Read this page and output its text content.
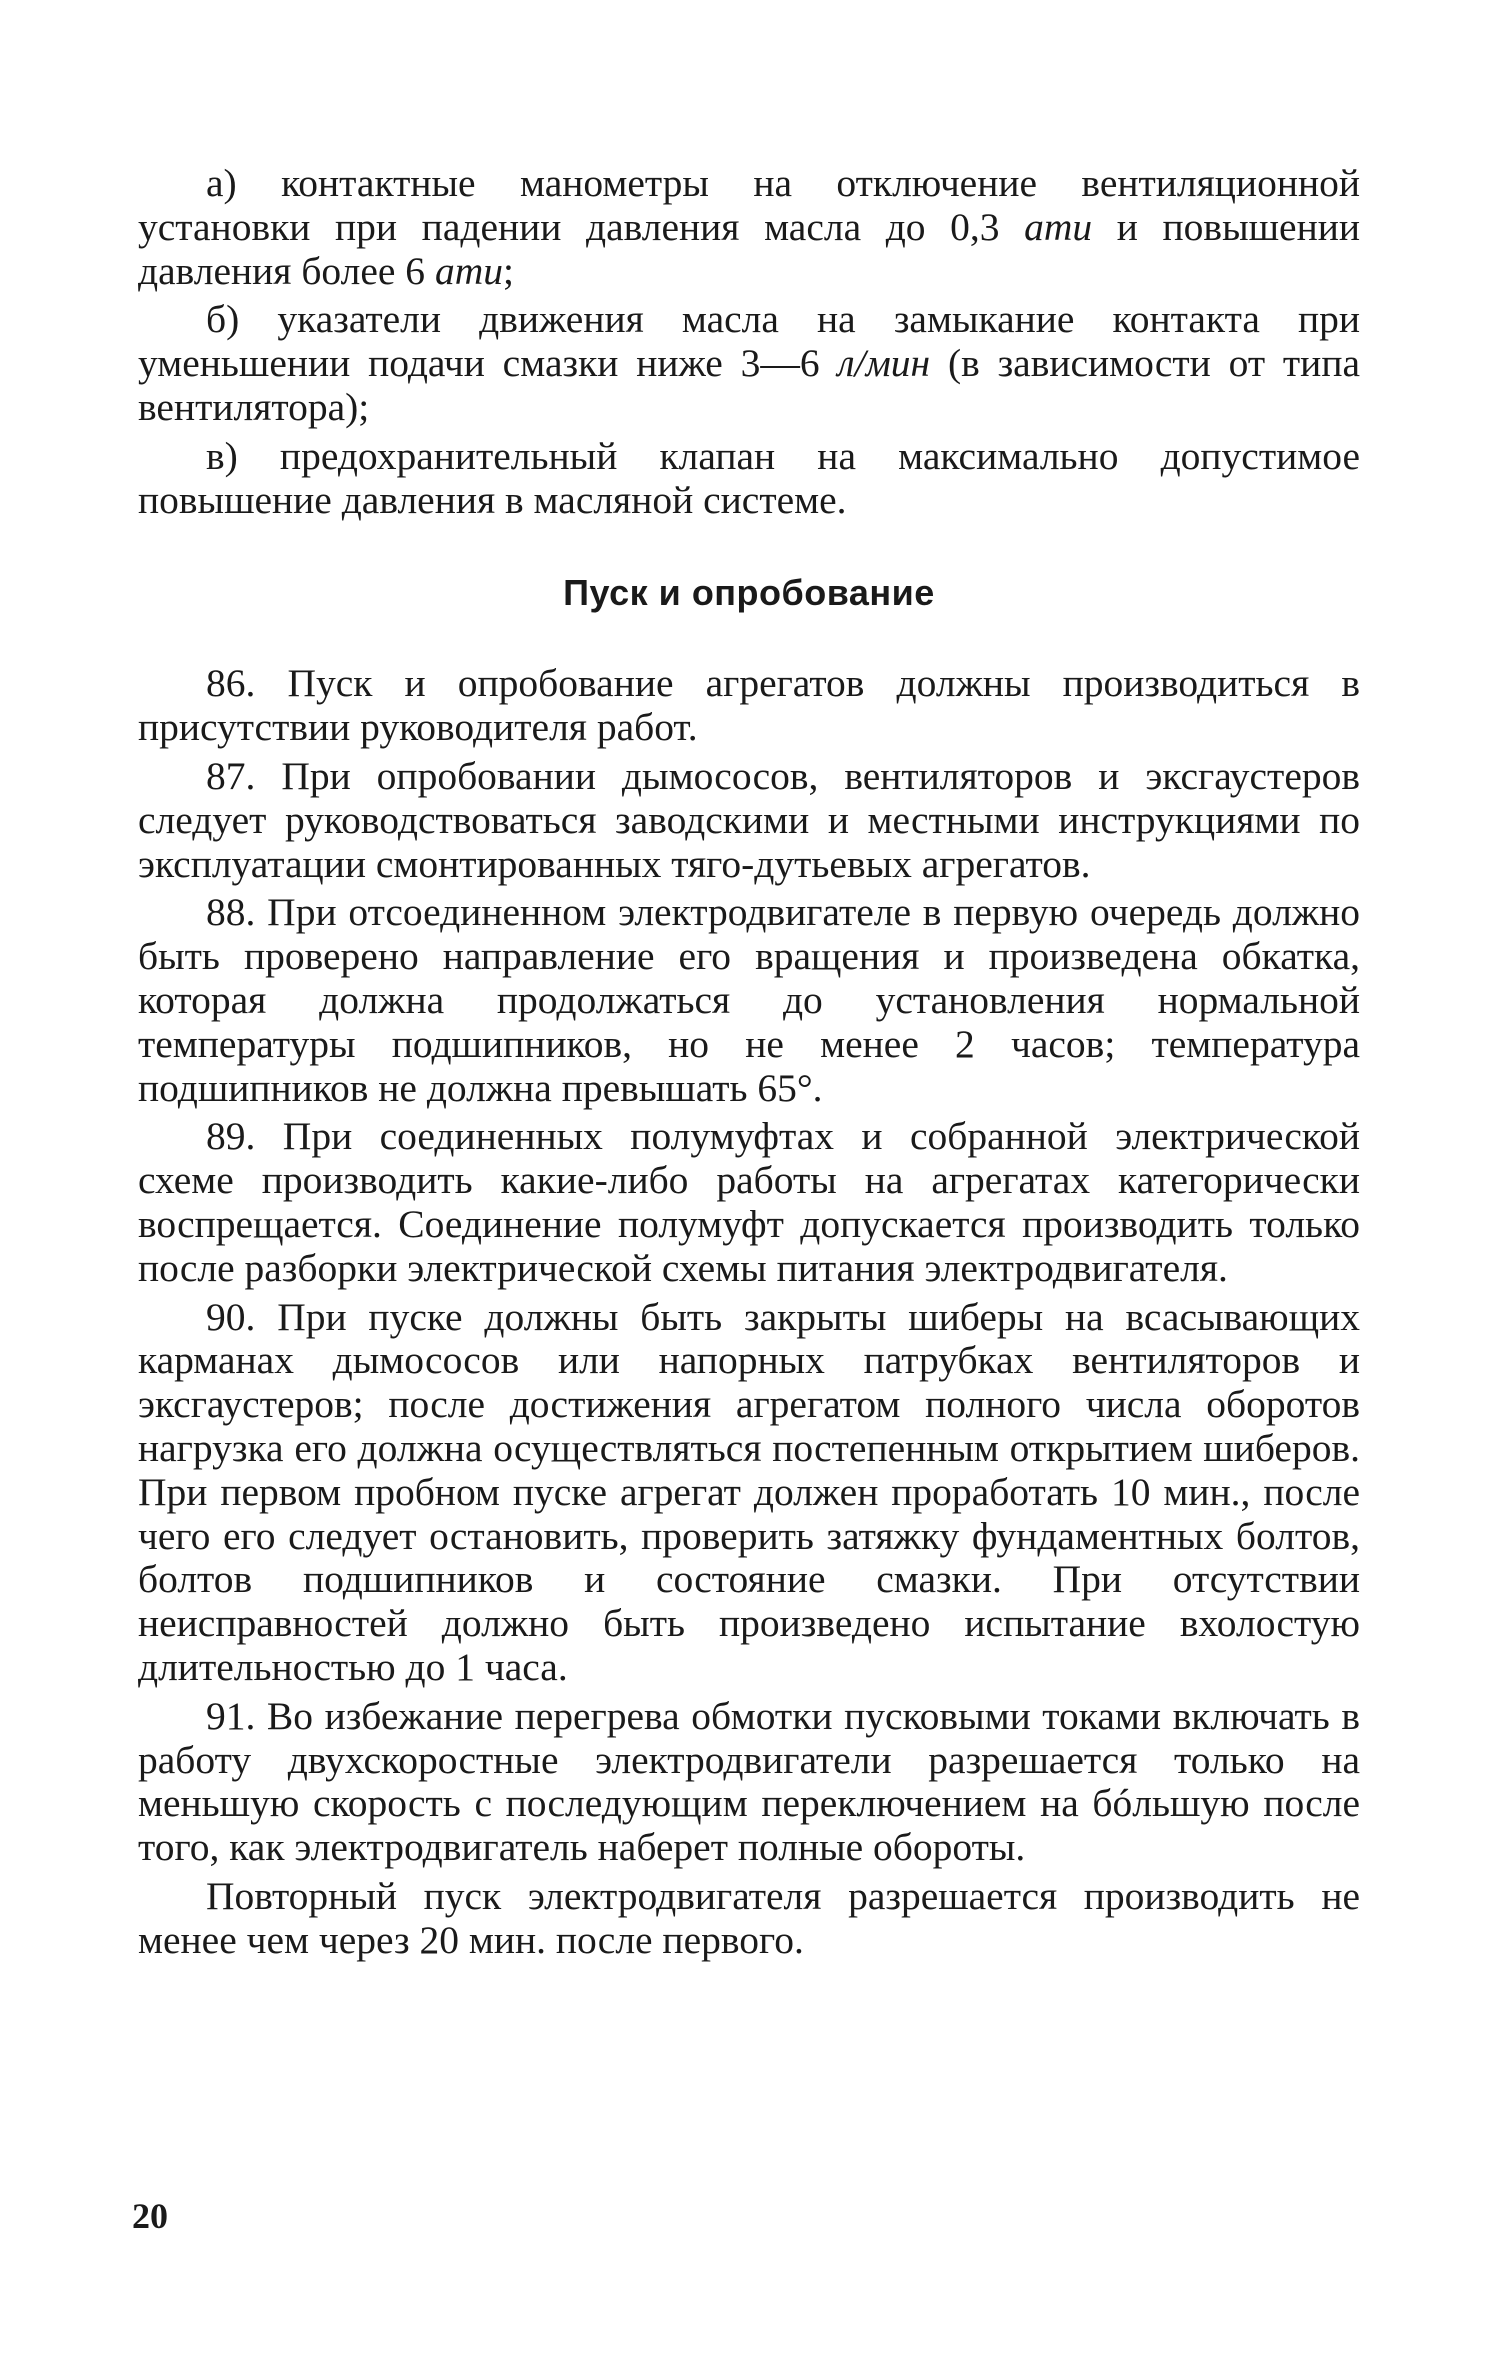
а) контактные манометры на отключение вентиляционной установки при падении давления масла до 0,3 ати и повышении давления более 6 ати;

б) указатели движения масла на замыкание контакта при уменьшении подачи смазки ниже 3—6 л/мин (в зависимости от типа вентилятора);

в) предохранительный клапан на максимально допустимое повышение давления в масляной системе.

Пуск и опробование

86. Пуск и опробование агрегатов должны производиться в присутствии руководителя работ.

87. При опробовании дымососов, вентиляторов и эксгаустеров следует руководствоваться заводскими и местными инструкциями по эксплуатации смонтированных тяго-дутьевых агрегатов.

88. При отсоединенном электродвигателе в первую очередь должно быть проверено направление его вращения и произведена обкатка, которая должна продолжаться до установления нормальной температуры подшипников, но не менее 2 часов; температура подшипников не должна превышать 65°.

89. При соединенных полумуфтах и собранной электрической схеме производить какие-либо работы на агрегатах категорически воспрещается. Соединение полумуфт допускается производить только после разборки электрической схемы питания электродвигателя.

90. При пуске должны быть закрыты шиберы на всасывающих карманах дымососов или напорных патрубках вентиляторов и эксгаустеров; после достижения агрегатом полного числа оборотов нагрузка его должна осуществляться постепенным открытием шиберов. При первом пробном пуске агрегат должен проработать 10 мин., после чего его следует остановить, проверить затяжку фундаментных болтов, болтов подшипников и состояние смазки. При отсутствии неисправностей должно быть произведено испытание вхолостую длительностью до 1 часа.

91. Во избежание перегрева обмотки пусковыми токами включать в работу двухскоростные электродвигатели разрешается только на меньшую скорость с последующим переключением на бóльшую после того, как электродвигатель наберет полные обороты.

Повторный пуск электродвигателя разрешается производить не менее чем через 20 мин. после первого.

20
